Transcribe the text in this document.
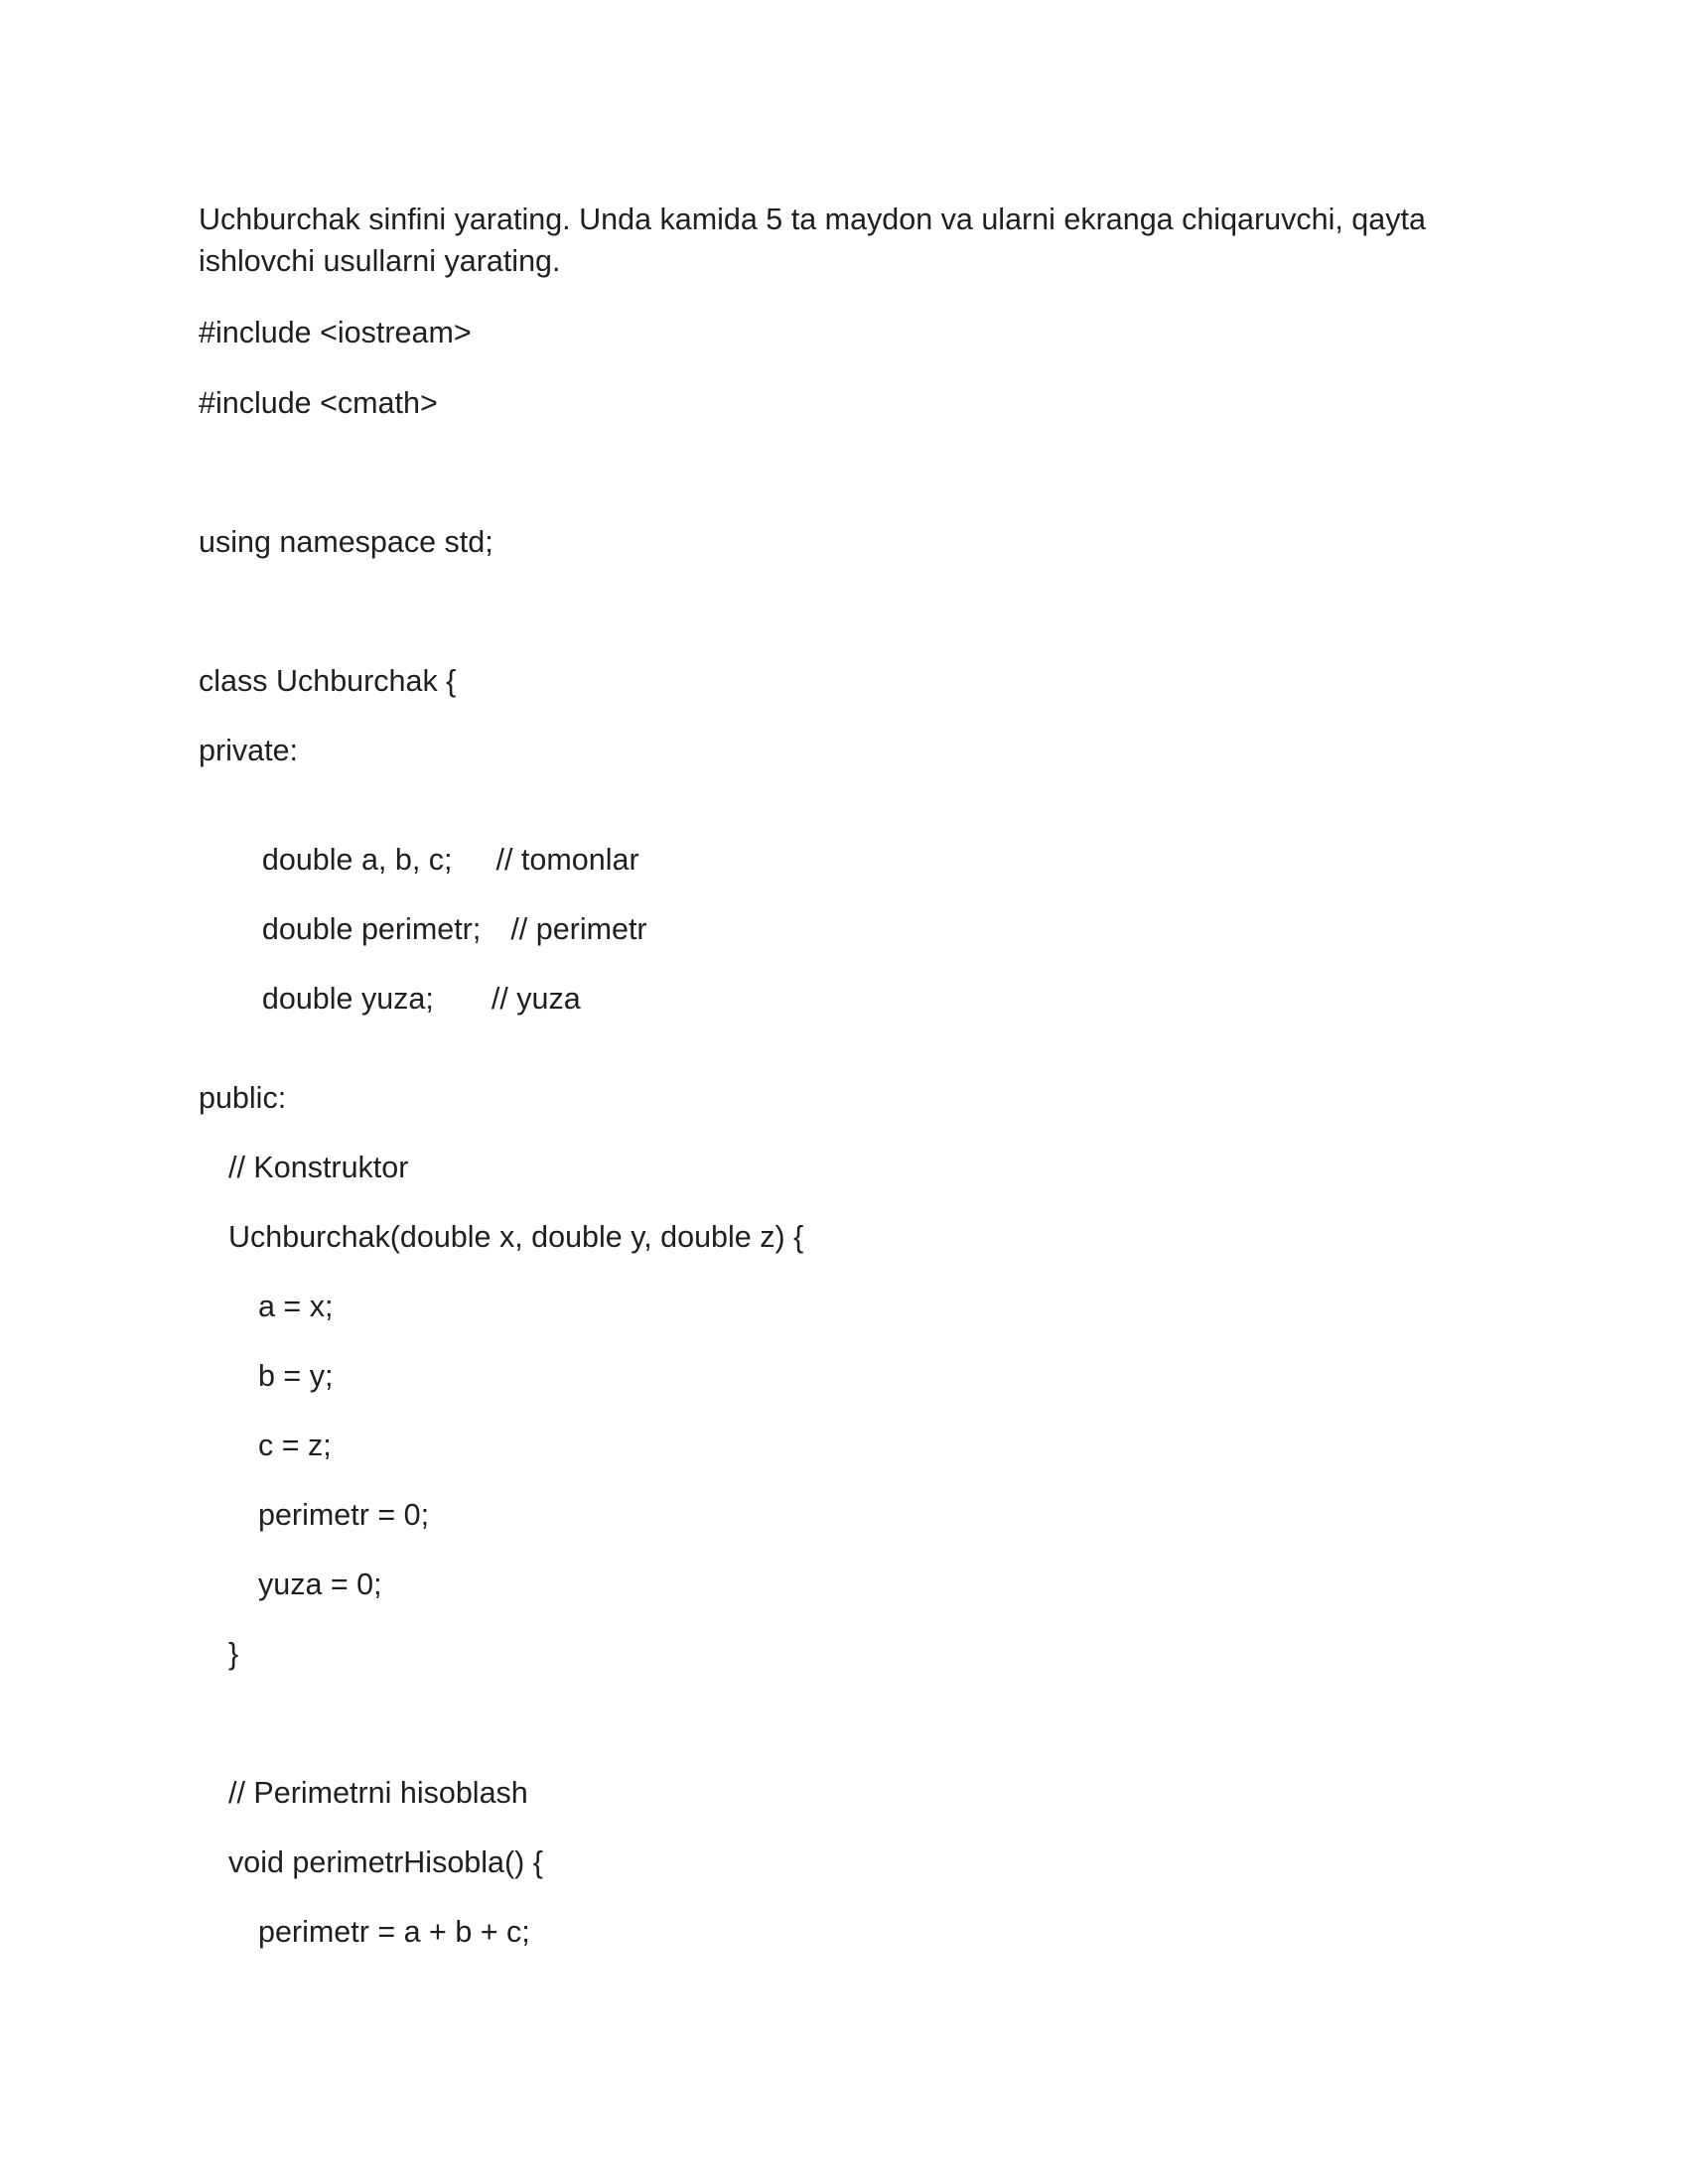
Uchburchak sinfini yarating. Unda kamida 5 ta maydon va ularni ekranga chiqaruvchi, qayta ishlovchi usullarni yarating.

#include <iostream>
#include <cmath>
using namespace std;
class Uchburchak {
private:

double a, b, c; // tomonlar

double perimetr; // perimetr

double yuza; // yuza

public:
// Konstruktor
Uchburchak(double x, double y, double z) {
a = x;
b = y;
c = z;
perimetr = 0;
yuza = 0;
}
// Perimetrni hisoblash
void perimetrHisobla() {
perimetr = a + b + c;
